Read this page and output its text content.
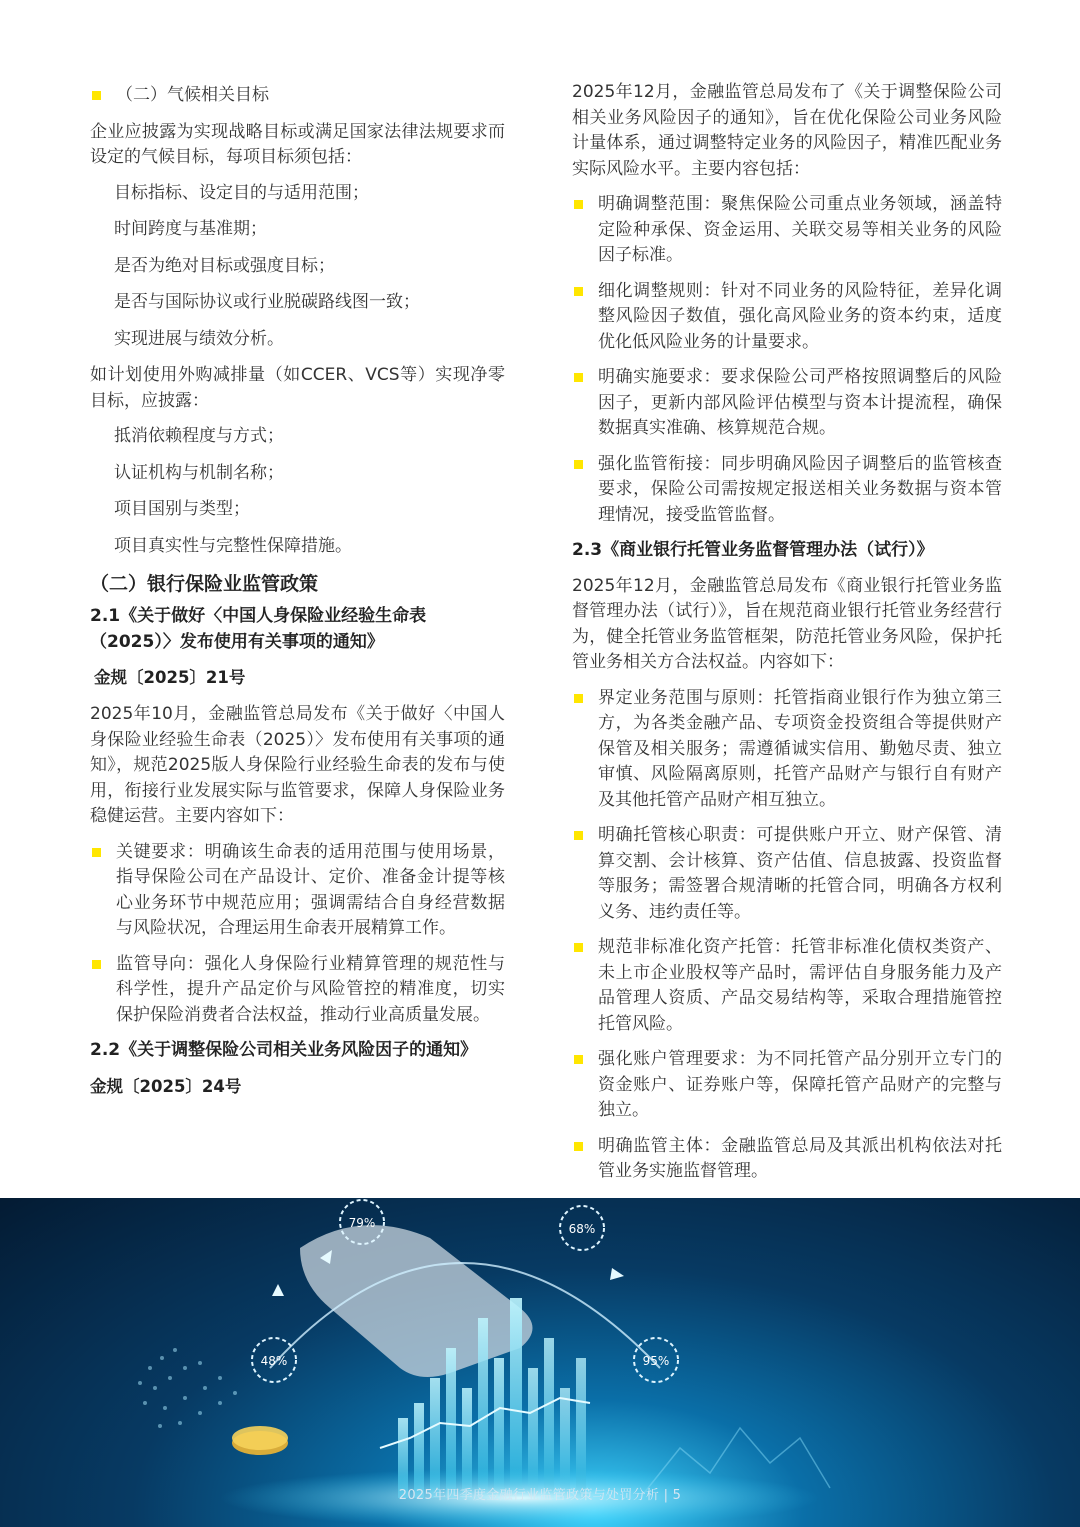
（二）气候相关目标
企业应披露为实现战略目标或满足国家法律法规要求而设定的气候目标，每项目标须包括：
目标指标、设定目的与适用范围；
时间跨度与基准期；
是否为绝对目标或强度目标；
是否与国际协议或行业脱碳路线图一致；
实现进展与绩效分析。
如计划使用外购减排量（如CCER、VCS等）实现净零目标，应披露：
抵消依赖程度与方式；
认证机构与机制名称；
项目国别与类型；
项目真实性与完整性保障措施。
（二）银行保险业监管政策
2.1《关于做好〈中国人身保险业经验生命表（2025）〉发布使用有关事项的通知》
金规〔2025〕21号
2025年10月，金融监管总局发布《关于做好〈中国人身保险业经验生命表（2025）〉发布使用有关事项的通知》，规范2025版人身保险行业经验生命表的发布与使用，衔接行业发展实际与监管要求，保障人身保险业务稳健运营。主要内容如下：
关键要求：明确该生命表的适用范围与使用场景，指导保险公司在产品设计、定价、准备金计提等核心业务环节中规范应用；强调需结合自身经营数据与风险状况，合理运用生命表开展精算工作。
监管导向：强化人身保险行业精算管理的规范性与科学性，提升产品定价与风险管控的精准度，切实保护保险消费者合法权益，推动行业高质量发展。
2.2《关于调整保险公司相关业务风险因子的通知》
金规〔2025〕24号
2025年12月，金融监管总局发布了《关于调整保险公司相关业务风险因子的通知》，旨在优化保险公司业务风险计量体系，通过调整特定业务的风险因子，精准匹配业务实际风险水平。主要内容包括：
明确调整范围：聚焦保险公司重点业务领域，涵盖特定险种承保、资金运用、关联交易等相关业务的风险因子标准。
细化调整规则：针对不同业务的风险特征，差异化调整风险因子数值，强化高风险业务的资本约束，适度优化低风险业务的计量要求。
明确实施要求：要求保险公司严格按照调整后的风险因子，更新内部风险评估模型与资本计提流程，确保数据真实准确、核算规范合规。
强化监管衔接：同步明确风险因子调整后的监管核查要求，保险公司需按规定报送相关业务数据与资本管理情况，接受监管监督。
2.3《商业银行托管业务监督管理办法（试行）》
2025年12月，金融监管总局发布《商业银行托管业务监督管理办法（试行）》，旨在规范商业银行托管业务经营行为，健全托管业务监管框架，防范托管业务风险，保护托管业务相关方合法权益。内容如下：
界定业务范围与原则：托管指商业银行作为独立第三方，为各类金融产品、专项资金投资组合等提供财产保管及相关服务；需遵循诚实信用、勤勉尽责、独立审慎、风险隔离原则，托管产品财产与银行自有财产及其他托管产品财产相互独立。
明确托管核心职责：可提供账户开立、财产保管、清算交割、会计核算、资产估值、信息披露、投资监督等服务；需签署合规清晰的托管合同，明确各方权利义务、违约责任等。
规范非标准化资产托管：托管非标准化债权类资产、未上市企业股权等产品时，需评估自身服务能力及产品管理人资质、产品交易结构等，采取合理措施管控托管风险。
强化账户管理要求：为不同托管产品分别开立专门的资金账户、证券账户等，保障托管产品财产的完整与独立。
明确监管主体：金融监管总局及其派出机构依法对托管业务实施监督管理。
79%	68%
48%	95%
2025年四季度金融行业监管政策与处罚分析 | 5
